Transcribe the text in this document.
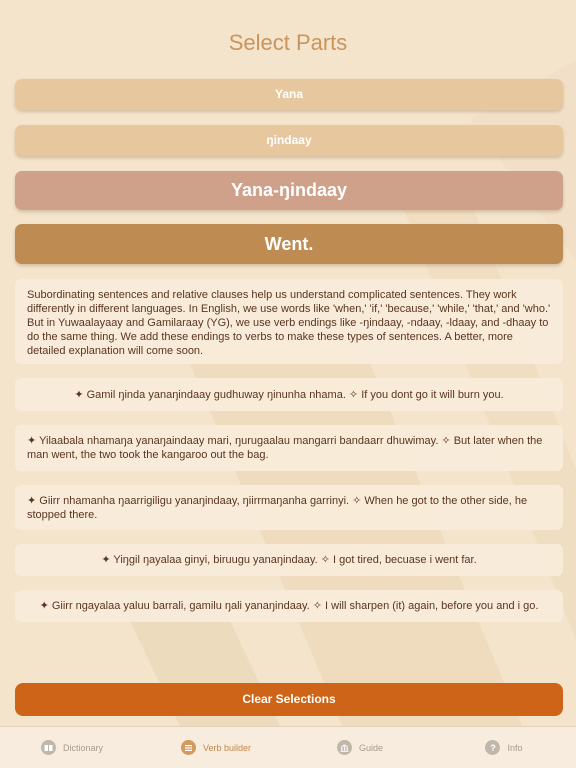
Select Parts
Yana
ŋindaay
Yana-ŋindaay
Went.
Subordinating sentences and relative clauses help us understand complicated sentences. They work differently in different languages. In English, we use words like 'when,' 'if,' 'because,' 'while,' 'that,' and 'who.' But in Yuwaalayaay and Gamilaraay (YG), we use verb endings like -ŋindaay, -ndaay, -ldaay, and -dhaay to do the same thing. We add these endings to verbs to make these types of sentences. A better, more detailed explanation will come soon.
✦ Gamil ŋinda yanaŋindaay gudhuway ŋinunha nhama. ✧ If you dont go it will burn you.
✦ Yilaabala nhamaŋa yanaŋaindaay mari, ŋurugaalau mangarri bandaarr dhuwimay. ✧ But later when the man went, the two took the kangaroo out the bag.
✦ Giirr nhamanha ŋaarrigiligu yanaŋindaay, ŋiirrmaŋanha garrinyi. ✧ When he got to the other side, he stopped there.
✦ Yiŋgil ŋayalaa ginyi, biruugu yanaŋindaay. ✧ I got tired, becuase i went far.
✦ Giirr ngayalaa yaluu barrali, gamilu ŋali yanaŋindaay. ✧ I will sharpen (it) again, before you and i go.
Clear Selections
Dictionary	Verb builder	Guide	?	Info
